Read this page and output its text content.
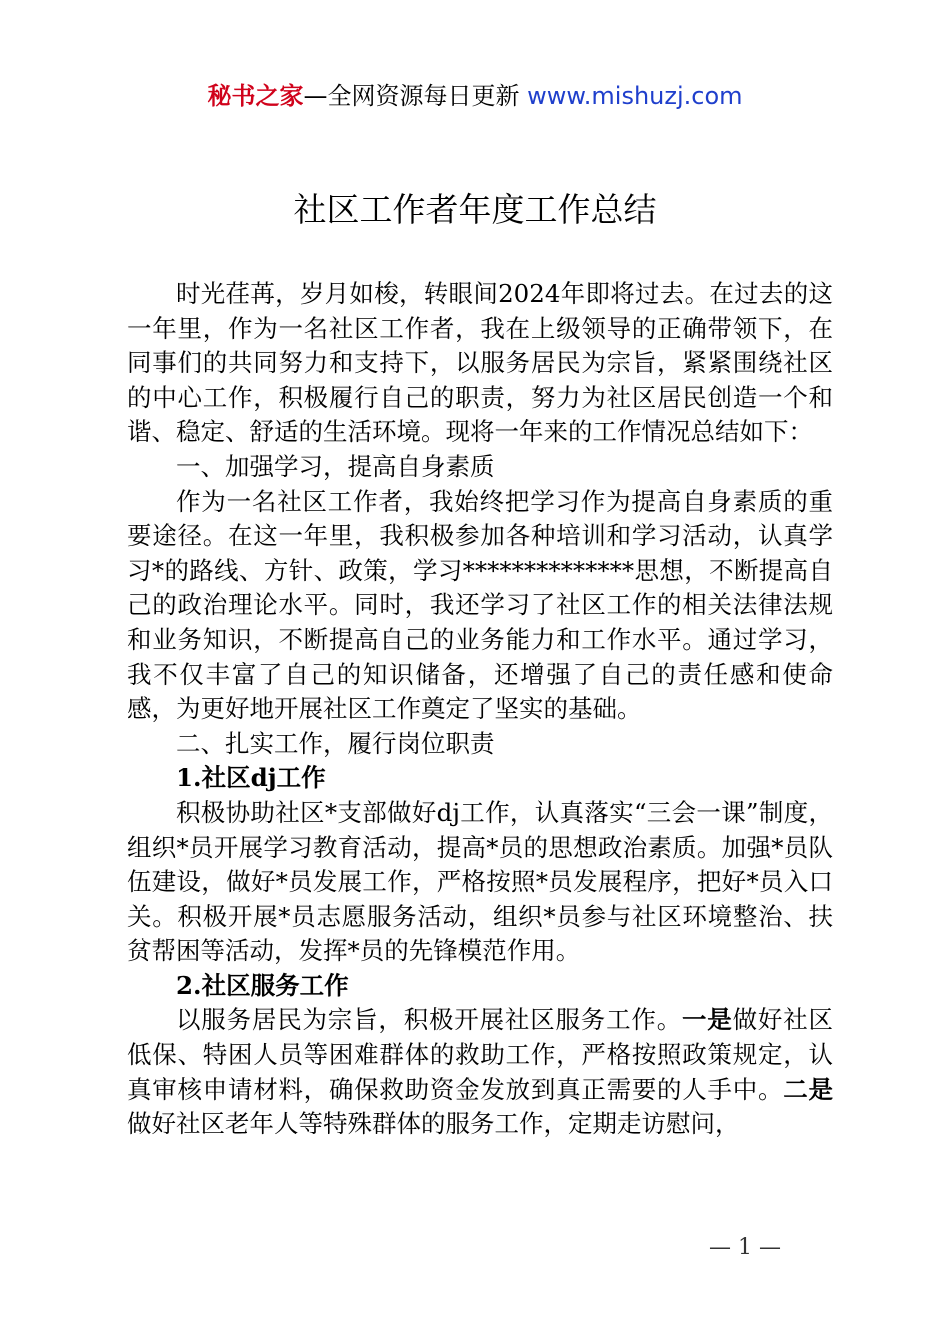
秘书之家—全网资源每日更新 www.mishuzj.com
社区工作者年度工作总结

时光荏苒，岁月如梭，转眼间2024年即将过去。在过去的这一年里，作为一名社区工作者，我在上级领导的正确带领下，在同事们的共同努力和支持下，以服务居民为宗旨，紧紧围绕社区的中心工作，积极履行自己的职责，努力为社区居民创造一个和谐、稳定、舒适的生活环境。现将一年来的工作情况总结如下：

一、加强学习，提高自身素质

作为一名社区工作者，我始终把学习作为提高自身素质的重要途径。在这一年里，我积极参加各种培训和学习活动，认真学习*的路线、方针、政策，学习**************思想，不断提高自己的政治理论水平。同时，我还学习了社区工作的相关法律法规和业务知识，不断提高自己的业务能力和工作水平。通过学习，我不仅丰富了自己的知识储备，还增强了自己的责任感和使命感，为更好地开展社区工作奠定了坚实的基础。

二、扎实工作，履行岗位职责

1.社区dj工作

积极协助社区*支部做好dj工作，认真落实“三会一课”制度，组织*员开展学习教育活动，提高*员的思想政治素质。加强*员队伍建设，做好*员发展工作，严格按照*员发展程序，把好*员入口关。积极开展*员志愿服务活动，组织*员参与社区环境整治、扶贫帮困等活动，发挥*员的先锋模范作用。

2.社区服务工作

以服务居民为宗旨，积极开展社区服务工作。一是做好社区低保、特困人员等困难群体的救助工作，严格按照政策规定，认真审核申请材料，确保救助资金发放到真正需要的人手中。二是做好社区老年人等特殊群体的服务工作，定期走访慰问，

— 1 —
